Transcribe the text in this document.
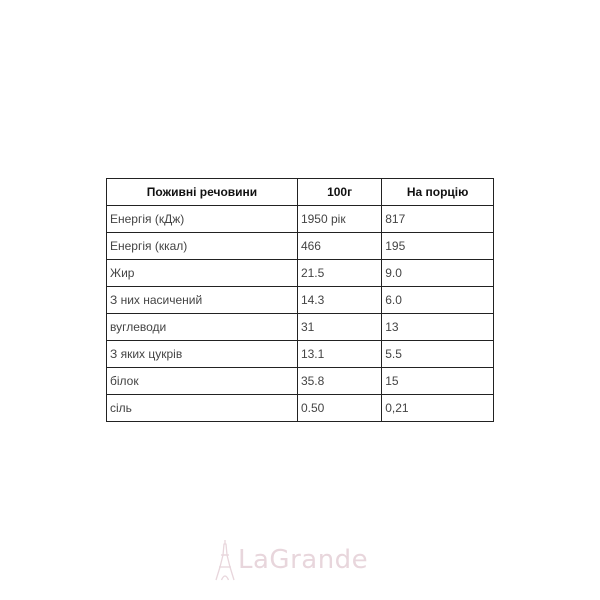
Поживні речовини	100г	На порцію
Енергія (кДж)	1950 рік	817
Енергія (ккал)	466	195
Жир	21.5	9.0
З них насичений	14.3	6.0
вуглеводи	31	13
З яких цукрів	13.1	5.5
білок	35.8	15
сіль	0.50	0,21
LaGrande
